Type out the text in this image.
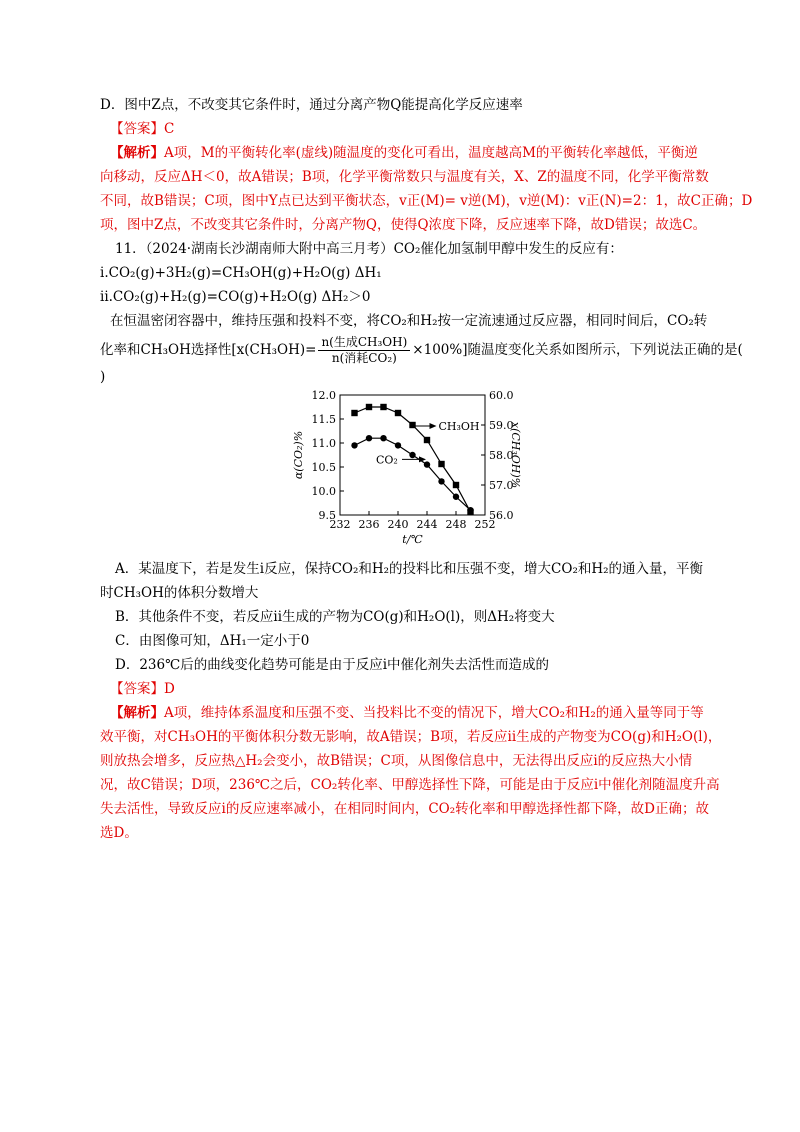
D．图中Z点，不改变其它条件时，通过分离产物Q能提高化学反应速率
【答案】C
【解析】A项，M的平衡转化率(虚线)随温度的变化可看出，温度越高M的平衡转化率越低，平衡逆
向移动，反应ΔH＜0，故A错误；B项，化学平衡常数只与温度有关，X、Z的温度不同，化学平衡常数
不同，故B错误；C项，图中Y点已达到平衡状态，v正(M)= v逆(M)，v逆(M)：v正(N)=2：1，故C正确；D
项，图中Z点，不改变其它条件时，分离产物Q，使得Q浓度下降，反应速率下降，故D错误；故选C。
11．（2024·湖南长沙湖南师大附中高三月考）CO₂催化加氢制甲醇中发生的反应有：
i.CO₂(g)+3H₂(g)=CH₃OH(g)+H₂O(g) ΔH₁
ii.CO₂(g)+H₂(g)=CO(g)+H₂O(g) ΔH₂＞0
在恒温密闭容器中，维持压强和投料不变，将CO₂和H₂按一定流速通过反应器，相同时间后，CO₂转
化率和CH₃OH选择性$[x(CH_3OH)= \frac{\text{n(生成CH₃OH)}}{\text{n(消耗CO₂)}} \times 100\%]$随温度变化关系如图所示，下列说法正确的是(
)
232 236 240 244 248 252
t/℃
9.5
10.0
10.5
11.0
11.5
12.0
α(CO₂)%
56.0
57.0
58.0
59.0
60.0
x(CH₃OH)%
CH₃OH
CO₂
A．某温度下，若是发生i反应，保持CO₂和H₂的投料比和压强不变，增大CO₂和H₂的通入量，平衡
时CH₃OH的体积分数增大
B．其他条件不变，若反应ii生成的产物为CO(g)和H₂O(l)，则ΔH₂将变大
C．由图像可知，ΔH₁一定小于0
D．236℃后的曲线变化趋势可能是由于反应i中催化剂失去活性而造成的
【答案】D
【解析】A项，维持体系温度和压强不变、当投料比不变的情况下，增大CO₂和H₂的通入量等同于等
效平衡，对CH₃OH的平衡体积分数无影响，故A错误；B项，若反应ii生成的产物变为CO(g)和H₂O(l)，
则放热会增多，反应热△H₂会变小，故B错误；C项，从图像信息中，无法得出反应i的反应热大小情
况，故C错误；D项，236℃之后，CO₂转化率、甲醇选择性下降，可能是由于反应i中催化剂随温度升高
失去活性，导致反应i的反应速率减小，在相同时间内，CO₂转化率和甲醇选择性都下降，故D正确；故
选D。
